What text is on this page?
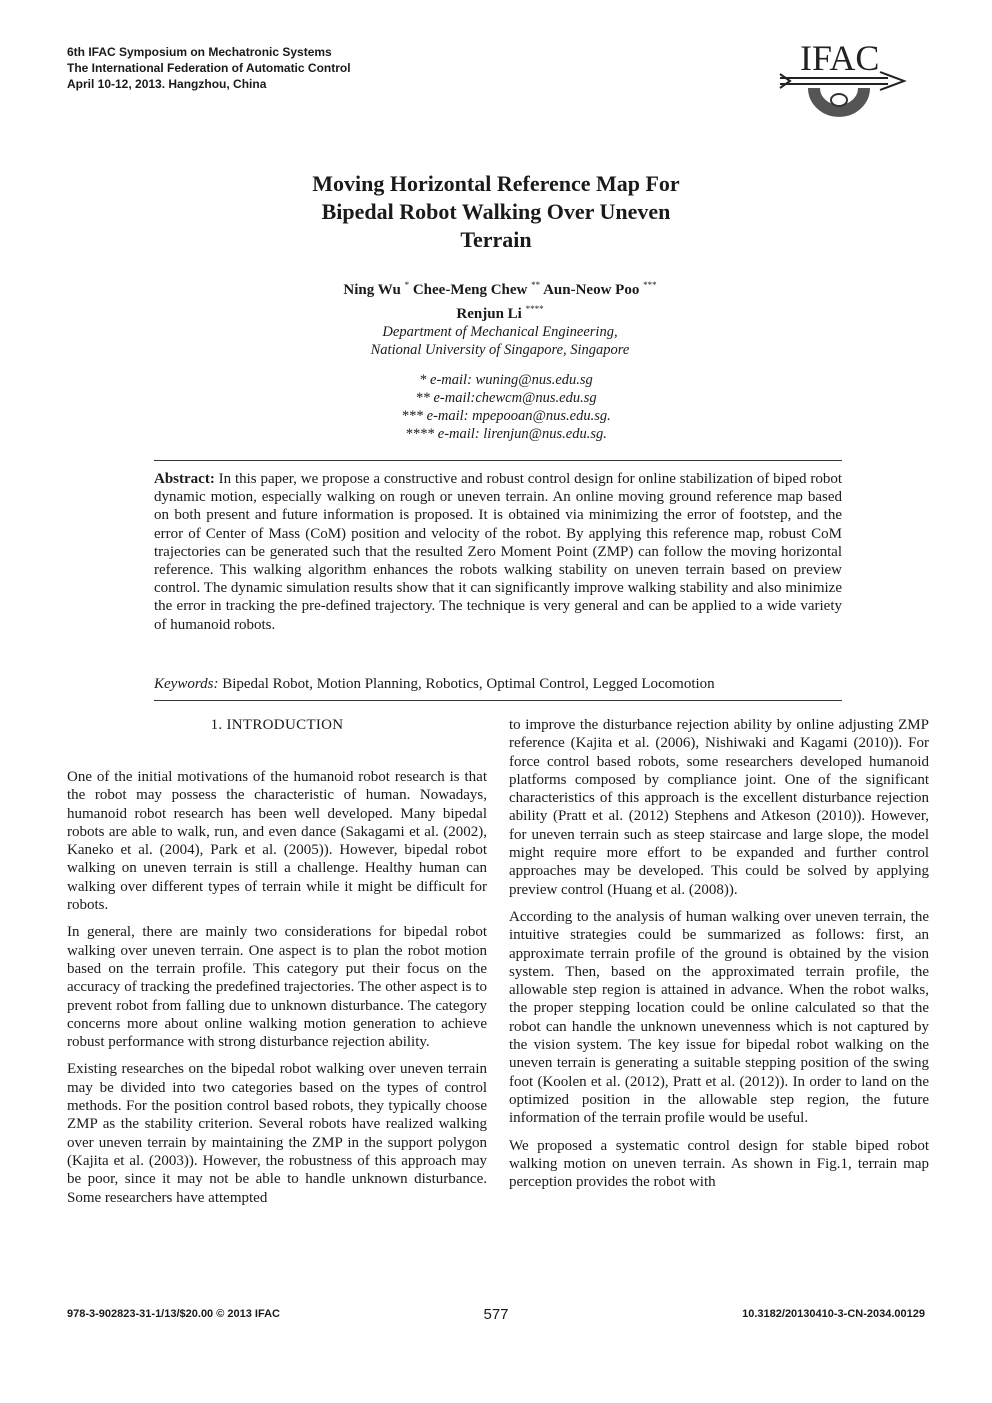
6th IFAC Symposium on Mechatronic Systems
The International Federation of Automatic Control
April 10-12, 2013. Hangzhou, China
IFAC
Moving Horizontal Reference Map For
Bipedal Robot Walking Over Uneven
Terrain
Ning Wu * Chee-Meng Chew ** Aun-Neow Poo ***
Renjun Li ****
Department of Mechanical Engineering,
National University of Singapore, Singapore
* e-mail: wuning@nus.edu.sg
** e-mail:chewcm@nus.edu.sg
*** e-mail: mpepooan@nus.edu.sg.
**** e-mail: lirenjun@nus.edu.sg.
Abstract: In this paper, we propose a constructive and robust control design for online stabilization of biped robot dynamic motion, especially walking on rough or uneven terrain. An online moving ground reference map based on both present and future information is proposed. It is obtained via minimizing the error of footstep, and the error of Center of Mass (CoM) position and velocity of the robot. By applying this reference map, robust CoM trajectories can be generated such that the resulted Zero Moment Point (ZMP) can follow the moving horizontal reference. This walking algorithm enhances the robots walking stability on uneven terrain based on preview control. The dynamic simulation results show that it can significantly improve walking stability and also minimize the error in tracking the pre-defined trajectory. The technique is very general and can be applied to a wide variety of humanoid robots.
Keywords: Bipedal Robot, Motion Planning, Robotics, Optimal Control, Legged Locomotion
1. INTRODUCTION

One of the initial motivations of the humanoid robot research is that the robot may possess the characteristic of human. Nowadays, humanoid robot research has been well developed. Many bipedal robots are able to walk, run, and even dance (Sakagami et al. (2002), Kaneko et al. (2004), Park et al. (2005)). However, bipedal robot walking on uneven terrain is still a challenge. Healthy human can walking over different types of terrain while it might be difficult for robots.

In general, there are mainly two considerations for bipedal robot walking over uneven terrain. One aspect is to plan the robot motion based on the terrain profile. This category put their focus on the accuracy of tracking the predefined trajectories. The other aspect is to prevent robot from falling due to unknown disturbance. The category concerns more about online walking motion generation to achieve robust performance with strong disturbance rejection ability.

Existing researches on the bipedal robot walking over uneven terrain may be divided into two categories based on the types of control methods. For the position control based robots, they typically choose ZMP as the stability criterion. Several robots have realized walking over uneven terrain by maintaining the ZMP in the support polygon (Kajita et al. (2003)). However, the robustness of this approach may be poor, since it may not be able to handle unknown disturbance. Some researchers have attempted

to improve the disturbance rejection ability by online adjusting ZMP reference (Kajita et al. (2006), Nishiwaki and Kagami (2010)). For force control based robots, some researchers developed humanoid platforms composed by compliance joint. One of the significant characteristics of this approach is the excellent disturbance rejection ability (Pratt et al. (2012) Stephens and Atkeson (2010)). However, for uneven terrain such as steep staircase and large slope, the model might require more effort to be expanded and further control approaches may be developed. This could be solved by applying preview control (Huang et al. (2008)).

According to the analysis of human walking over uneven terrain, the intuitive strategies could be summarized as follows: first, an approximate terrain profile of the ground is obtained by the vision system. Then, based on the approximated terrain profile, the allowable step region is attained in advance. When the robot walks, the proper stepping location could be online calculated so that the robot can handle the unknown unevenness which is not captured by the vision system. The key issue for bipedal robot walking on the uneven terrain is generating a suitable stepping position of the swing foot (Koolen et al. (2012), Pratt et al. (2012)). In order to land on the optimized position in the allowable step region, the future information of the terrain profile would be useful.

We proposed a systematic control design for stable biped robot walking motion on uneven terrain. As shown in Fig.1, terrain map perception provides the robot with

978-3-902823-31-1/13/$20.00 © 2013 IFAC	577	10.3182/20130410-3-CN-2034.00129
